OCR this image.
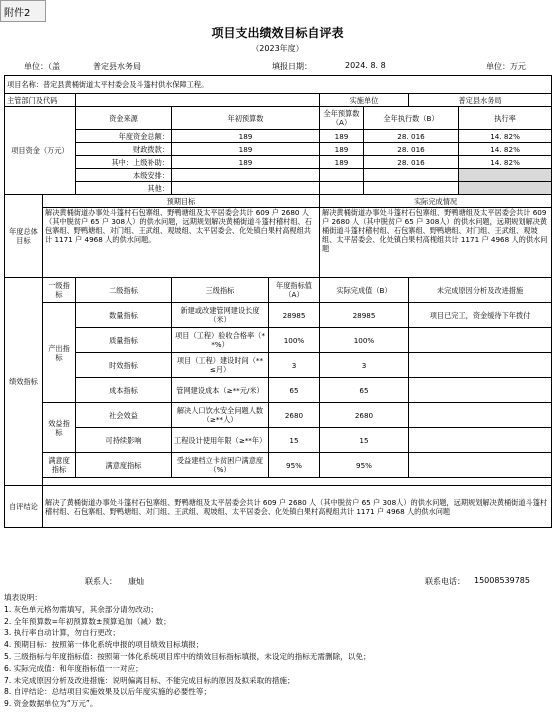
附件2
项目支出绩效目标自评表
（2023年度）
单位：（盖	普定县水务局	填报日期：	2024. 8. 8	单位：万元
项目名称：普定县黄桶街道太平村委会及斗篷村供水保障工程。								
主管部门及代码					实施单位		普定县水务局	
项目资金（万元）		资金来源	年初预算数		全年预算数（A）	全年执行数（B）		执行率
		年度资金总额：	189		189	28. 016		14. 82%
		财政拨款：	189		189	28. 016		14. 82%
		其中：上级补助：	189		189	28. 016		14. 82%
		本级安排：						
		其他：						
年度总体目标	预期目标				实际完成情况			
	解决黄桶街道办事处斗篷村石包寨组、野鸭塘组及太平居委会共计 609 户 2680 人（其中脱贫户 65 户 308人）的供水问题，远期规划解决黄桶街道斗篷村稽村组、石包寨组、野鸭塘组、对门组、王武组、观坡组、太平居委会、化处镇白果村高枧组共计 1171 户 4968 人的供水问题。				解决黄桶街道办事处斗篷村石包寨组、野鸭塘组及太平居委会共计 609 户 2680 人（其中脱贫户 65 户 308人）的供水问题，远期规划解决黄桶街道斗篷村稽村组、石包寨组、野鸭塘组、对门组、王武组、观坡组、太平居委会、化处镇白果村高枧组共计 1171 户 4968 人的供水问题			
绩效指标	一级指标	二级指标	三级指标	年度指标值（A）	实际完成值（B）		未完成原因分析及改进措施	
	产出指标	数量指标	新建或改建管网建设长度（米）	28985	28985		项目已完工，资金缓待下年拨付	
		质量指标	项目（工程）验收合格率（**%）	100%	100%			
		时效指标	项目（工程）建设时间（**≤月）	3	3			
		成本指标	管网建设成本（≥**元/米）	65	65			
	效益指标	社会效益	解决人口饮水安全问题人数（≥**人）	2680	2680			
		可持续影响	工程设计使用年限（≥**年）	15	15			
	满意度指标	满意度指标	受益建档立卡贫困户满意度（%）	95%	95%			

自评结论	解决了黄桶街道办事处斗篷村石包寨组、野鸭塘组及太平居委会共计 609 户 2680 人（其中脱贫户 65 户 308人）的供水问题，远期规划解决黄桶街道斗篷村稽村组、石包寨组、野鸭塘组、对门组、王武组、观坡组、太平居委会、化处镇白果村高枧组共计 1171 户 4968 人的供水问题							
联系人： 康灿	联系电话： 15008539785
填表说明：
1. 灰色单元格勿需填写，其余部分请勿改动；
2. 全年预算数=年初预算数±预算追加（减）数；
3. 执行率自动计算，勿自行更改；
4. 预期目标：按照第一体化系统申报的项目绩效目标填报；
5. 三级指标与年度指标值：按照第一体化系统项目库中的绩效目标指标填报，未设定的指标无需删除，以免；
6. 实际完成值：和年度指标值一一对应；
7. 未完成原因分析及改进措施：说明偏离目标、不能完成目标的原因及拟采取的措施；
8. 自评结论：总结项目实施效果及以后年度实施的必要性等；
9. 资金数据单位为“万元”。
